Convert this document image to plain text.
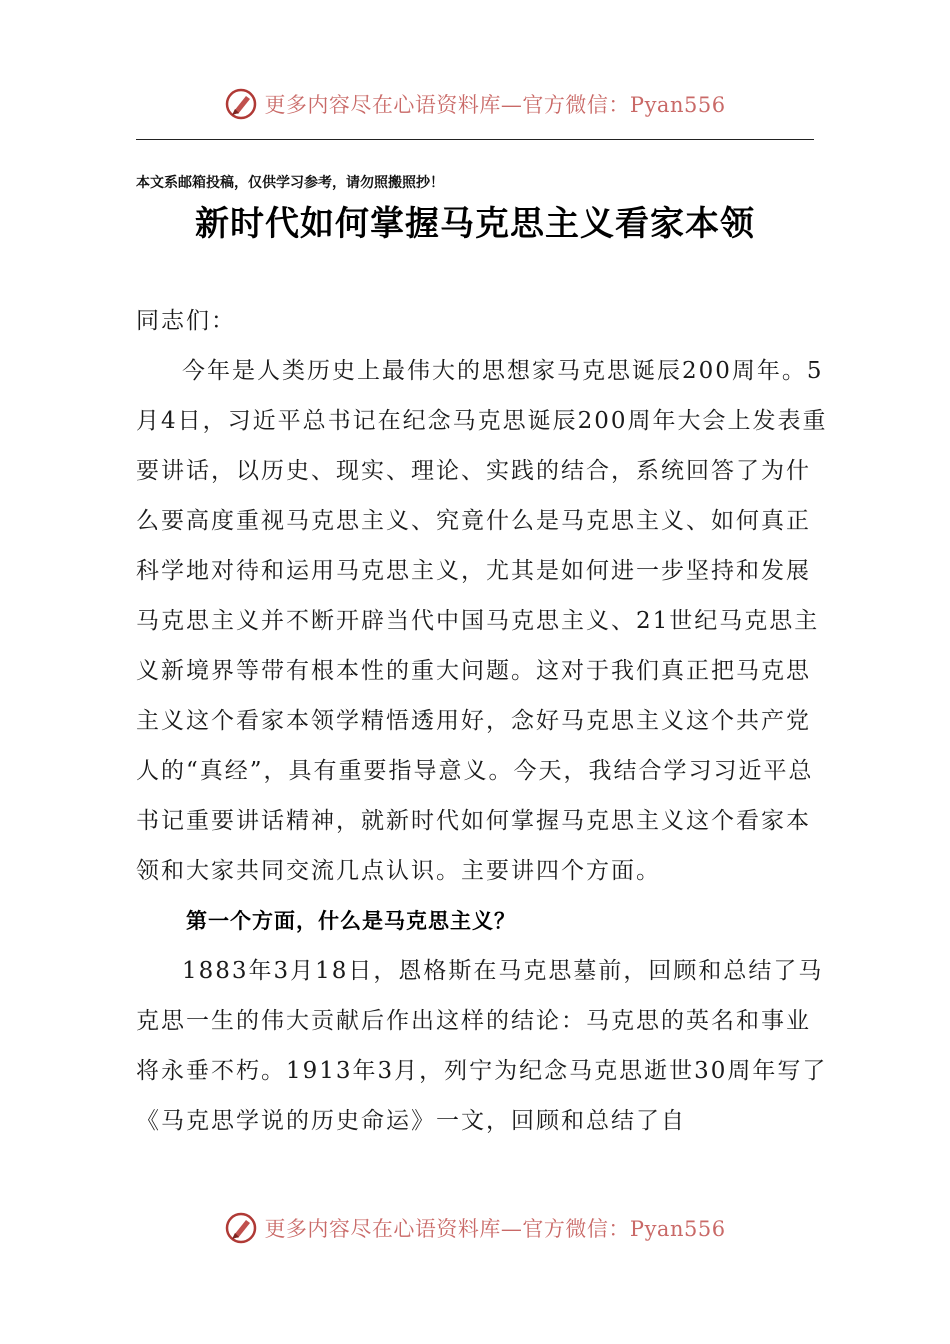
更多内容尽在心语资料库—官方微信：Pyan556
本文系邮箱投稿，仅供学习参考，请勿照搬照抄！
新时代如何掌握马克思主义看家本领

同志们：

今年是人类历史上最伟大的思想家马克思诞辰200周年。5月4日，习近平总书记在纪念马克思诞辰200周年大会上发表重要讲话，以历史、现实、理论、实践的结合，系统回答了为什么要高度重视马克思主义、究竟什么是马克思主义、如何真正科学地对待和运用马克思主义，尤其是如何进一步坚持和发展马克思主义并不断开辟当代中国马克思主义、21世纪马克思主义新境界等带有根本性的重大问题。这对于我们真正把马克思主义这个看家本领学精悟透用好，念好马克思主义这个共产党人的“真经”，具有重要指导意义。今天，我结合学习习近平总书记重要讲话精神，就新时代如何掌握马克思主义这个看家本领和大家共同交流几点认识。主要讲四个方面。

第一个方面，什么是马克思主义？

1883年3月18日，恩格斯在马克思墓前，回顾和总结了马克思一生的伟大贡献后作出这样的结论：马克思的英名和事业将永垂不朽。1913年3月，列宁为纪念马克思逝世30周年写了《马克思学说的历史命运》一文，回顾和总结了自

更多内容尽在心语资料库—官方微信：Pyan556
